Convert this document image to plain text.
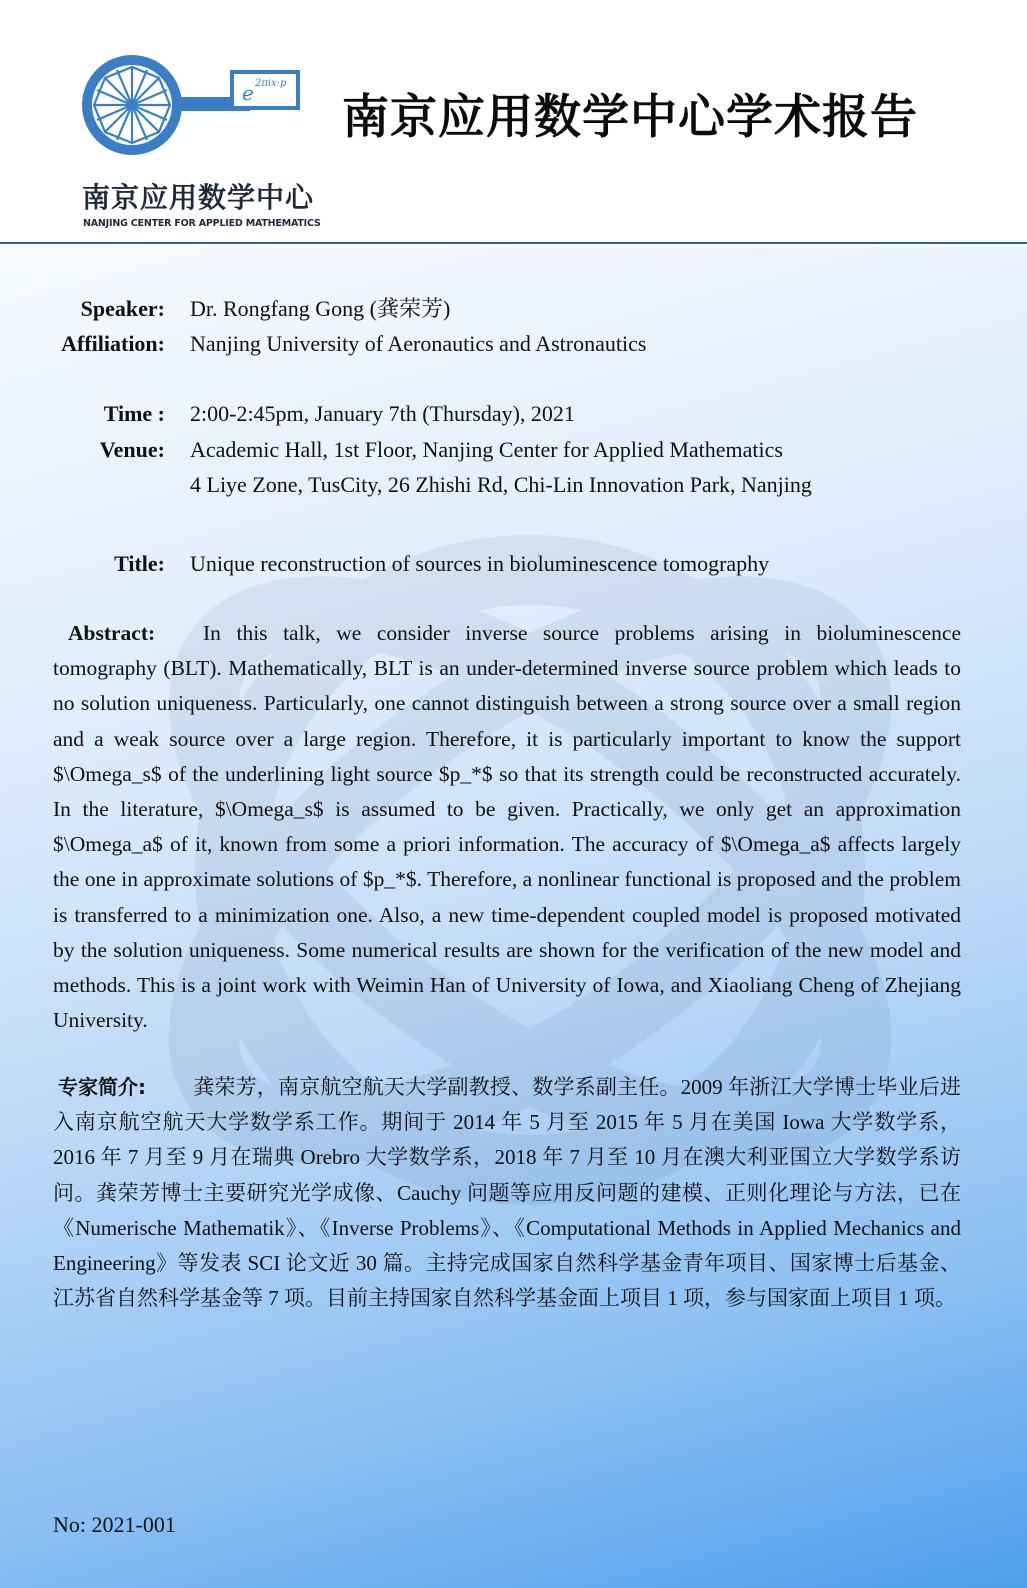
e 2πix·p
南京应用数学中心
NANJING CENTER FOR APPLIED MATHEMATICS
南京应用数学中心学术报告
Speaker: Dr. Rongfang Gong (龚荣芳)
Affiliation: Nanjing University of Aeronautics and Astronautics
Time : 2:00-2:45pm, January 7th (Thursday), 2021
Venue: Academic Hall, 1st Floor, Nanjing Center for Applied Mathematics
4 Liye Zone, TusCity, 26 Zhishi Rd, Chi-Lin Innovation Park, Nanjing
Title: Unique reconstruction of sources in bioluminescence tomography
Abstract: In this talk, we consider inverse source problems arising in bioluminescence tomography (BLT). Mathematically, BLT is an under-determined inverse source problem which leads to no solution uniqueness. Particularly, one cannot distinguish between a strong source over a small region and a weak source over a large region. Therefore, it is particularly important to know the support $\Omega_s$ of the underlining light source $p_*$ so that its strength could be reconstructed accurately. In the literature, $\Omega_s$ is assumed to be given. Practically, we only get an approximation $\Omega_a$ of it, known from some a priori information. The accuracy of $\Omega_a$ affects largely the one in approximate solutions of $p_*$. Therefore, a nonlinear functional is proposed and the problem is transferred to a minimization one. Also, a new time-dependent coupled model is proposed motivated by the solution uniqueness. Some numerical results are shown for the verification of the new model and methods. This is a joint work with Weimin Han of University of Iowa, and Xiaoliang Cheng of Zhejiang University.
专家简介: 龚荣芳，南京航空航天大学副教授、数学系副主任。2009 年浙江大学博士毕业后进入南京航空航天大学数学系工作。期间于 2014 年 5 月至 2015 年 5 月在美国 Iowa 大学数学系，2016 年 7 月至 9 月在瑞典 Orebro 大学数学系，2018 年 7 月至 10 月在澳大利亚国立大学数学系访问。龚荣芳博士主要研究光学成像、Cauchy 问题等应用反问题的建模、正则化理论与方法，已在《Numerische Mathematik》、《Inverse Problems》、《Computational Methods in Applied Mechanics and Engineering》等发表 SCI 论文近 30 篇。主持完成国家自然科学基金青年项目、国家博士后基金、江苏省自然科学基金等 7 项。目前主持国家自然科学基金面上项目 1 项，参与国家面上项目 1 项。
No: 2021-001
